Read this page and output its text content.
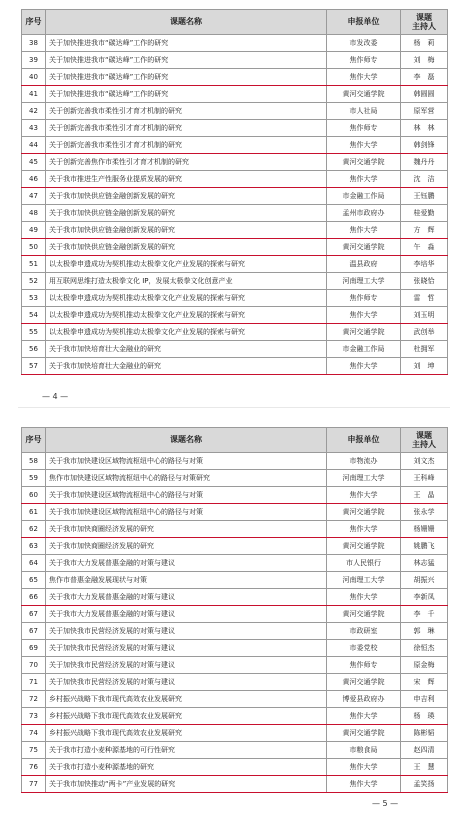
序号	课题名称	申报单位	课题
主持人

38	关于加快推进我市“碳达峰”工作的研究	市发改委	杨　莉
39	关于加快推进我市“碳达峰”工作的研究	焦作师专	刘　梅
40	关于加快推进我市“碳达峰”工作的研究	焦作大学	李　磊
41	关于加快推进我市“碳达峰”工作的研究	黄河交通学院	韩圆圆
42	关于创新完善我市柔性引才育才机制的研究	市人社局	原军营
43	关于创新完善我市柔性引才育才机制的研究	焦作师专	林　林
44	关于创新完善我市柔性引才育才机制的研究	焦作大学	韩剑锋
45	关于创新完善焦作市柔性引才育才机制的研究	黄河交通学院	魏丹丹
46	关于我市推进生产性服务业提质发展的研究	焦作大学	沈　洁
47	关于我市加快供应链金融创新发展的研究	市金融工作局	王钰鹏
48	关于我市加快供应链金融创新发展的研究	孟州市政府办	桂爱勤
49	关于我市加快供应链金融创新发展的研究	焦作大学	方　辉
50	关于我市加快供应链金融创新发展的研究	黄河交通学院	午　淼
51	以太极拳申遗成功为契机推动太极拳文化产业发展的探索与研究	温县政府	李培华
52	用互联网思维打造太极拳文化 IP，发展太极拳文化创意产业	河南理工大学	张晓恰
53	以太极拳申遗成功为契机推动太极拳文化产业发展的探索与研究	焦作师专	雷　哲
54	以太极拳申遗成功为契机推动太极拳文化产业发展的探索与研究	焦作大学	刘玉明
55	以太极拳申遗成功为契机推动太极拳文化产业发展的探索与研究	黄河交通学院	武创举
56	关于我市加快培育壮大金融业的研究	市金融工作局	杜拥军
57	关于我市加快培育壮大金融业的研究	焦作大学	刘　坤
— 4 —
序号	课题名称	申报单位	课题
主持人

58	关于我市加快建设区域物流枢纽中心的路径与对策	市物流办	刘文杰
59	焦作市加快建设区域物流枢纽中心的路径与对策研究	河南理工大学	王科峰
60	关于我市加快建设区域物流枢纽中心的路径与对策	焦作大学	王　晶
61	关于我市加快建设区域物流枢纽中心的路径与对策	黄河交通学院	张永学
62	关于我市加快商圈经济发展的研究	焦作大学	杨姗姗
63	关于我市加快商圈经济发展的研究	黄河交通学院	姚鹏飞
64	关于我市大力发展普惠金融的对策与建议	市人民银行	林志猛
65	焦作市普惠金融发展现状与对策	河南理工大学	胡振兴
66	关于我市大力发展普惠金融的对策与建议	焦作大学	李新凤
67	关于我市大力发展普惠金融的对策与建议	黄河交通学院	李　千
67	关于加快我市民营经济发展的对策与建议	市政研室	郭　琳
69	关于加快我市民营经济发展的对策与建议	市委党校	徐恒杰
70	关于加快我市民营经济发展的对策与建议	焦作师专	原金梅
71	关于加快我市民营经济发展的对策与建议	黄河交通学院	宋　辉
72	乡村振兴战略下我市现代高效农业发展研究	博爱县政府办	申吉利
73	乡村振兴战略下我市现代高效农业发展研究	焦作大学	杨　瑛
74	乡村振兴战略下我市现代高效农业发展研究	黄河交通学院	陈彬韬
75	关于我市打造小麦种源基地的可行性研究	市粮食局	赵四清
76	关于我市打造小麦种源基地的研究	焦作大学	王　慧
77	关于我市加快推动“两卡”产业发展的研究	焦作大学	孟笑扬
— 5 —
